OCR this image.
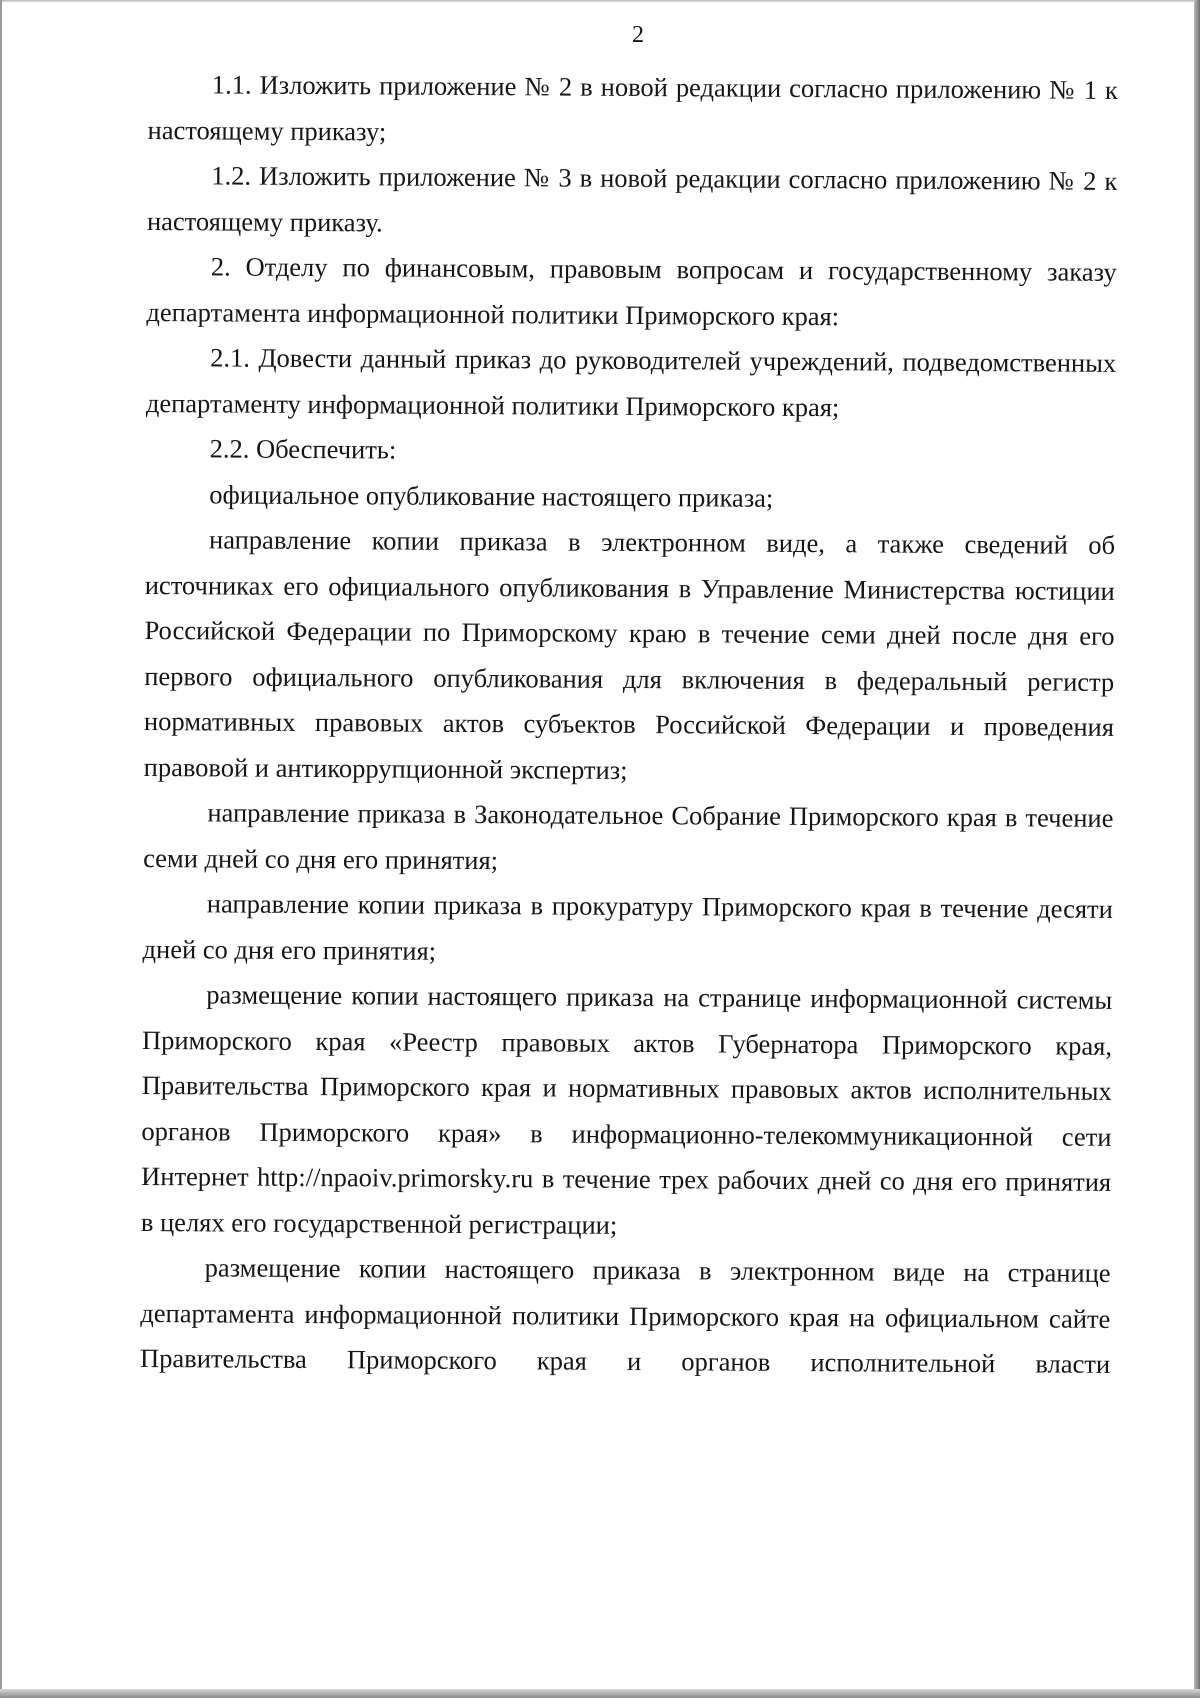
2

1.1. Изложить приложение № 2 в новой редакции согласно приложению № 1 к настоящему приказу;

1.2. Изложить приложение № 3 в новой редакции согласно приложению № 2 к настоящему приказу.

2. Отделу по финансовым, правовым вопросам и государственному заказу департамента информационной политики Приморского края:

2.1. Довести данный приказ до руководителей учреждений, подведомственных департаменту информационной политики Приморского края;

2.2. Обеспечить:

официальное опубликование настоящего приказа;

направление копии приказа в электронном виде, а также сведений об источниках его официального опубликования в Управление Министерства юстиции Российской Федерации по Приморскому краю в течение семи дней после дня его первого официального опубликования для включения в федеральный регистр нормативных правовых актов субъектов Российской Федерации и проведения правовой и антикоррупционной экспертиз;

направление приказа в Законодательное Собрание Приморского края в течение семи дней со дня его принятия;

направление копии приказа в прокуратуру Приморского края в течение десяти дней со дня его принятия;

размещение копии настоящего приказа на странице информационной системы Приморского края «Реестр правовых актов Губернатора Приморского края, Правительства Приморского края и нормативных правовых актов исполнительных органов Приморского края» в информационно-телекоммуникационной сети Интернет http://npaoiv.primorsky.ru в течение трех рабочих дней со дня его принятия в целях его государственной регистрации;

размещение копии настоящего приказа в электронном виде на странице департамента информационной политики Приморского края на официальном сайте Правительства Приморского края и органов исполнительной власти
